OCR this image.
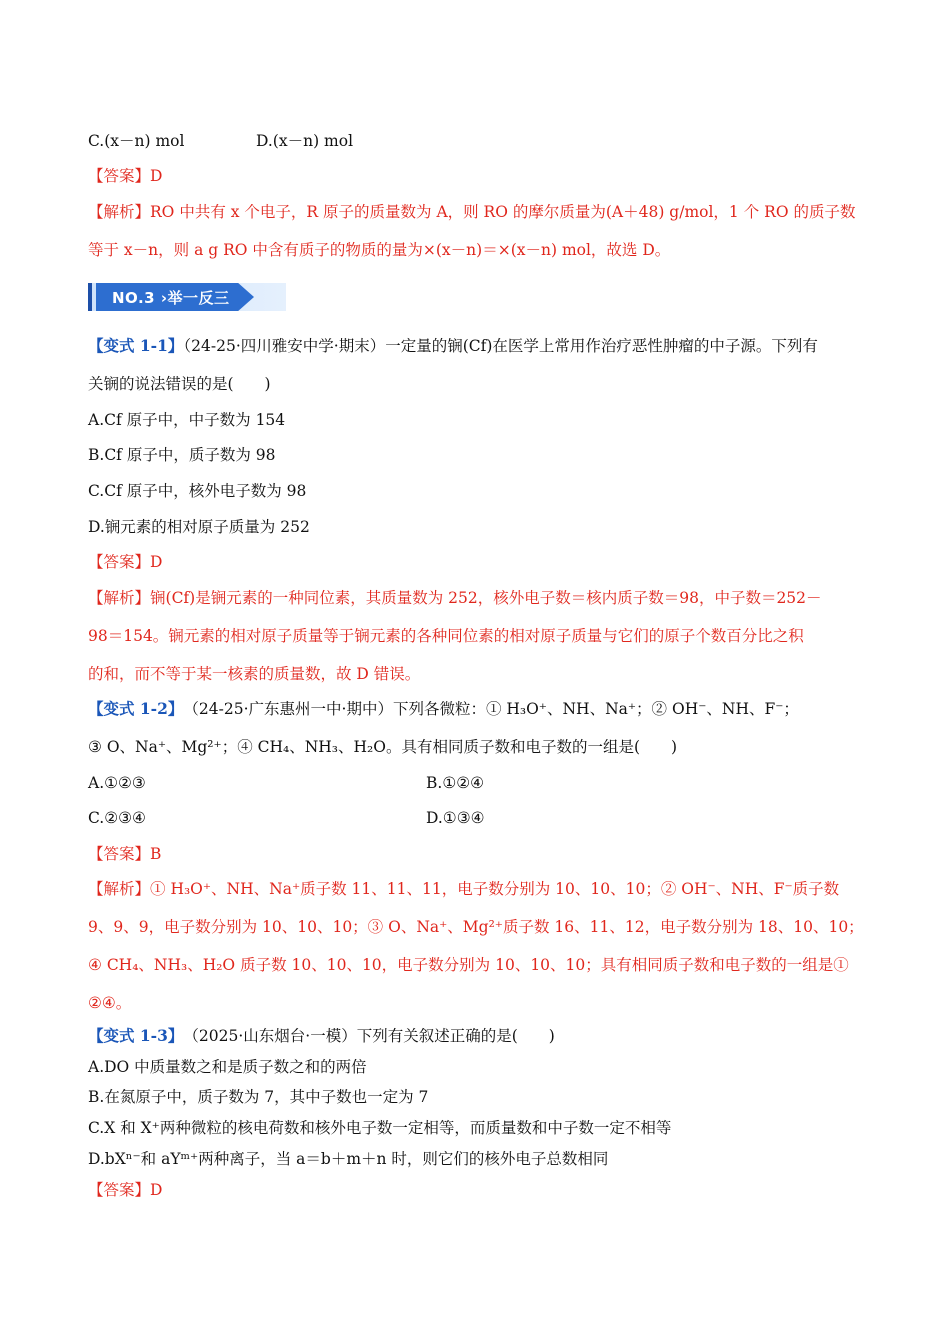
C.(x－n) mol	D.(x－n) mol
【答案】D
【解析】RO 中共有 x 个电子，R 原子的质量数为 A，则 RO 的摩尔质量为(A＋48) g/mol，1 个 RO 的质子数
等于 x－n，则 a g RO 中含有质子的物质的量为×(x－n)＝×(x－n) mol，故选 D。
NO.3 ›举一反三
【变式 1-1】（24-25·四川雅安中学·期末）一定量的锎(Cf)在医学上常用作治疗恶性肿瘤的中子源。下列有
关锎的说法错误的是(　　)
A.Cf 原子中，中子数为 154
B.Cf 原子中，质子数为 98
C.Cf 原子中，核外电子数为 98
D.锎元素的相对原子质量为 252
【答案】D
【解析】锎(Cf)是锎元素的一种同位素，其质量数为 252，核外电子数＝核内质子数＝98，中子数＝252－
98＝154。锎元素的相对原子质量等于锎元素的各种同位素的相对原子质量与它们的原子个数百分比之积
的和，而不等于某一核素的质量数，故 D 错误。
【变式 1-2】　（24-25·广东惠州一中·期中）下列各微粒：① H₃O⁺、NH、Na⁺；② OH⁻、NH、F⁻；
③ O、Na⁺、Mg²⁺；④ CH₄、NH₃、H₂O。具有相同质子数和电子数的一组是(　　)
A.①②③	B.①②④
C.②③④	D.①③④
【答案】B
【解析】① H₃O⁺、NH、Na⁺质子数 11、11、11，电子数分别为 10、10、10；② OH⁻、NH、F⁻质子数
9、9、9，电子数分别为 10、10、10；③ O、Na⁺、Mg²⁺质子数 16、11、12，电子数分别为 18、10、10；
④ CH₄、NH₃、H₂O 质子数 10、10、10，电子数分别为 10、10、10；具有相同质子数和电子数的一组是①
②④。
【变式 1-3】　（2025·山东烟台·一模）下列有关叙述正确的是(　　)
A.DO 中质量数之和是质子数之和的两倍
B.在氮原子中，质子数为 7，其中子数也一定为 7
C.X 和 X⁺两种微粒的核电荷数和核外电子数一定相等，而质量数和中子数一定不相等
D.bXⁿ⁻和 aYᵐ⁺两种离子，当 a＝b＋m＋n 时，则它们的核外电子总数相同
【答案】D
